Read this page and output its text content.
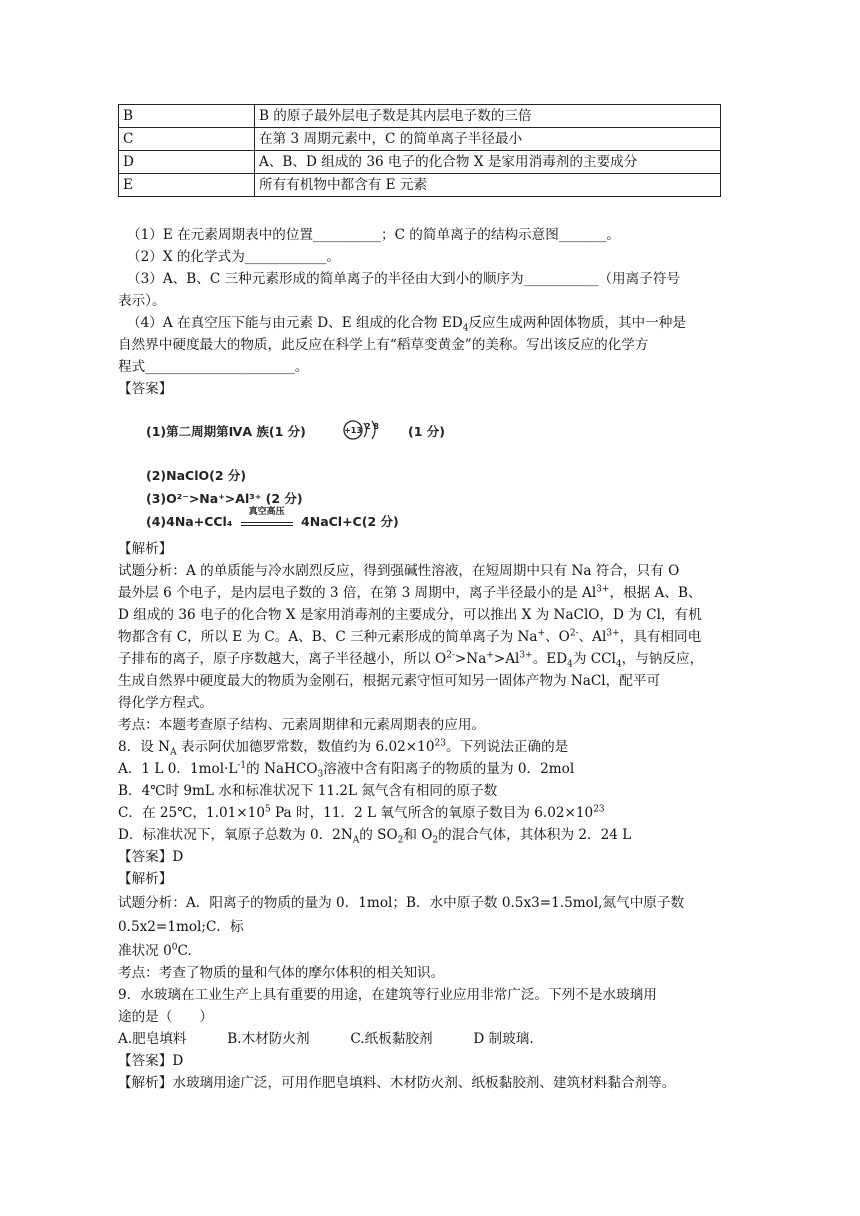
B	B 的原子最外层电子数是其内层电子数的三倍
C	在第 3 周期元素中，C 的简单离子半径最小
D	A、B、D 组成的 36 电子的化合物 X 是家用消毒剂的主要成分
E	所有有机物中都含有 E 元素
（1）E 在元素周期表中的位置__________；C 的简单离子的结构示意图_______。
（2）X 的化学式为____________。
（3）A、B、C 三种元素形成的简单离子的半径由大到小的顺序为___________（用离子符号
表示）。
（4）A 在真空压下能与由元素 D、E 组成的化合物 $ED_4$反应生成两种固体物质，其中一种是
自然界中硬度最大的物质，此反应在科学上有“稻草变黄金”的美称。写出该反应的化学方
程式______________________。
【答案】
(1)第二周期第ⅣA 族(1 分)	+13 2 8 (1 分)
(2)NaClO(2 分)
(3)O²⁻>Na⁺>Al³⁺ (2 分)
(4)4Na+CCl₄
真空高压
4NaCl+C(2 分)
【解析】
试题分析：A 的单质能与冷水剧烈反应，得到强碱性溶液，在短周期中只有 Na 符合，只有 O
最外层 6 个电子，是内层电子数的 3 倍，在第 3 周期中，离子半径最小的是 $Al^{3+}$，根据 A、B、
D 组成的 36 电子的化合物 X 是家用消毒剂的主要成分，可以推出 X 为 NaClO，D 为 Cl，有机
物都含有 C，所以 E 为 C。A、B、C 三种元素形成的简单离子为 Na+、$O^{2-}$、$Al^{3+}$，具有相同电
子排布的离子，原子序数越大，离子半径越小，所以 $O^{2-}>Na^+>Al^{3+}$。$ED_4$为 CCl$_4$，与钠反应，
生成自然界中硬度最大的物质为金刚石，根据元素守恒可知另一固体产物为 NaCl，配平可
得化学方程式。
考点：本题考查原子结构、元素周期律和元素周期表的应用。
8．设 $N_A$ 表示阿伏加德罗常数，数值约为 $6.02\times 10^{23}$。下列说法正确的是
A．1 L 0．$1mol\cdot L^{-1}$的 NaHCO$_3$溶液中含有阳离子的物质的量为 0．2mol
B．4℃时 9mL 水和标准状况下 11.2L 氮气含有相同的原子数
C．在 25℃，$1.01\times 10^5$ Pa 时，11．2 L 氧气所含的氧原子数目为 $6.02\times 10^{23}$
D．标准状况下，氧原子总数为 0．$2N_A$的 $SO_2$和 $O_2$的混合气体，其体积为 2．24 L
【答案】D
【解析】
试题分析：A．阳离子的物质的量为 0．1mol；B．水中原子数 0.5x3=1.5mol,氮气中原子数
0.5x2=1mol;C．标
准状况 $0^0C$.
考点：考查了物质的量和气体的摩尔体积的相关知识。
9．水玻璃在工业生产上具有重要的用途，在建筑等行业应用非常广泛。下列不是水玻璃用
途的是（　　）
A.肥皂填料　　　B.木材防火剂　　　C.纸板黏胶剂　　　D 制玻璃.
【答案】D
【解析】水玻璃用途广泛，可用作肥皂填料、木材防火剂、纸板黏胶剂、建筑材料黏合剂等。
